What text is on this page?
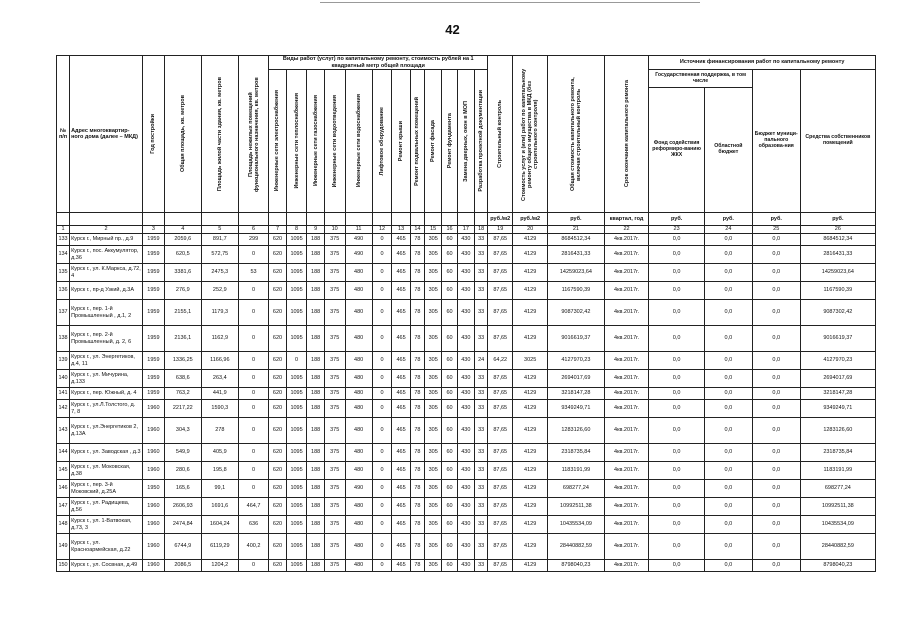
42
№ п/п	Адрес многоквартир-ного дома (далее – МКД)	Год постройки	Общая площадь, кв. метров	Площадь жилой части здания, кв. метров	Площадь нежилых помещений функционального назначения, кв. метров	Виды работ (услуг) по капитальному ремонту, стоимость рублей на 1 квадратный метр общей площади												Строительный контроль	Стоимость услуг и (или) работ по капитальному ремонту общего имущества в МКД (без строительного контроля)	Общая стоимость капитального ремонта, включая строительный контроль	Срок окончания капитального ремонта	Источник финансирования работ по капитальному ремонту			

						Инженерные сети электроснабжения	Инженерные сети теплоснабжения	Инженерные сети газоснабжения	Инженерные сети водоотведения	Инженерные сети водоснабжения	Лифтовое оборудование	Ремонт крыши	Ремонт подвальных помещений	Ремонт фасада	Ремонт фундамента	Замена дверных, окон в МОП	Разработка проектной документации					Государственная поддержка, в том числе		Бюджет муници-пального образова-ния	Средства собственников помещений
																						Фонд содействия реформиро-ванию ЖКХ	Областной бюджет		
																		руб./м2	руб./м2	руб.	квартал, год	руб.	руб.	руб.	руб.
1	2	3	4	5	6	7	8	9	10	11	12	13	14	15	16	17	18	19	20	21	22	23	24	25	26
133	Курск г., Мирный пр., д.9	1959	2059,6	891,7	299	620	1095	188	375	490	0	465	78	305	60	430	33	87,65	4129	8684512,34	4кв.2017г.	0,0	0,0	0,0	8684512,34
134	Курск г., пос. Аккумулятор, д.36	1959	620,5	572,75	0	620	1095	188	375	490	0	465	78	305	60	430	33	87,65	4129	2816431,33	4кв.2017г.	0,0	0,0	0,0	2816431,33
135	Курск г., ул. К.Маркса, д.72, 4	1959	3381,6	2475,3	53	620	1095	188	375	480	0	465	78	305	60	430	33	87,65	4129	14259023,64	4кв.2017г.	0,0	0,0	0,0	14259023,64
136	Курск г., пр-д Узкий, д.3А	1959	276,9	252,9	0	620	1095	188	375	480	0	465	78	305	60	430	33	87,65	4129	1167590,39	4кв.2017г.	0,0	0,0	0,0	1167590,39
137	Курск г., пер. 1-й Промышленный , д.1, 2	1959	2155,1	1179,3	0	620	1095	188	375	480	0	465	78	305	60	430	33	87,65	4129	9087302,42	4кв.2017г.	0,0	0,0	0,0	9087302,42
138	Курск г., пер. 2-й Промышленный, д. 2, 6	1959	2136,1	1162,9	0	620	1095	188	375	480	0	465	78	305	60	430	33	87,65	4129	9016619,37	4кв.2017г.	0,0	0,0	0,0	9016619,37
139	Курск г., ул. Энергетиков, д.4, 11	1959	1336,25	1166,96	0	620	0	188	375	480	0	465	78	305	60	430	24	64,22	3025	4127970,23	4кв.2017г.	0,0	0,0	0,0	4127970,23
140	Курск г., ул. Мичурина, д.133	1959	638,6	263,4	0	620	1095	188	375	480	0	465	78	305	60	430	33	87,65	4129	2694017,69	4кв.2017г.	0,0	0,0	0,0	2694017,69
141	Курск г., пер. Южный, д. 4	1959	763,2	441,9	0	620	1095	188	375	480	0	465	78	305	60	430	33	87,65	4129	3218147,28	4кв.2017г.	0,0	0,0	0,0	3218147,28
142	Курск г., ул.Л.Толстого, д. 7, 8	1960	2217,22	1590,3	0	620	1095	188	375	480	0	465	78	305	60	430	33	87,65	4129	9349249,71	4кв.2017г.	0,0	0,0	0,0	9349249,71
143	Курск г., ул.Энергетиков 2, д.13А	1960	304,3	278	0	620	1095	188	375	480	0	465	78	305	60	430	33	87,65	4129	1283126,60	4кв.2017г.	0,0	0,0	0,0	1283126,60
144	Курск г., ул. Заводская , д.3	1960	549,9	405,9	0	620	1095	188	375	480	0	465	78	305	60	430	33	87,65	4129	2318735,84	4кв.2017г.	0,0	0,0	0,0	2318735,84
145	Курск г., ул. Моковская, д.38	1960	280,6	195,8	0	620	1095	188	375	480	0	465	78	305	60	430	33	87,65	4129	1183191,99	4кв.2017г.	0,0	0,0	0,0	1183191,99
146	Курск г., пер. 3-й Моковский, д.25А	1950	165,6	99,1	0	620	1095	188	375	490	0	465	78	305	60	430	33	87,65	4129	698277,24	4кв.2017г.	0,0	0,0	0,0	698277,24
147	Курск г., ул. Радищева, д.56	1960	2606,93	1691,6	464,7	620	1095	188	375	480	0	465	78	305	60	430	33	87,65	4129	10992511,38	4кв.2017г.	0,0	0,0	0,0	10992511,38
148	Курск г., ул. 1-Ватвокая, д.73, 3	1960	2474,84	1604,24	636	620	1095	188	375	480	0	465	78	305	60	430	33	87,65	4129	10435534,09	4кв.2017г.	0,0	0,0	0,0	10435534,09
149	Курск г., ул. Красноармейская, д.22	1960	6744,9	6119,29	400,2	620	1095	188	375	480	0	465	78	305	60	430	33	87,65	4129	28440882,59	4кв.2017г.	0,0	0,0	0,0	28440882,59
150	Курск г., ул. Сосвная, д.49	1960	2086,5	1204,2	0	620	1095	188	375	480	0	465	78	305	60	430	33	87,65	4129	8798040,23	4кв.2017г.	0,0	0,0	0,0	8798040,23
